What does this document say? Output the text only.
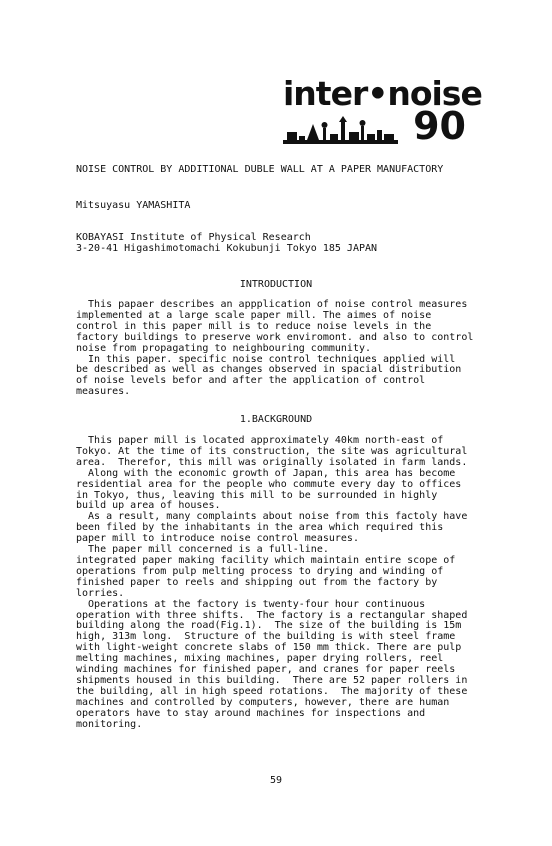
inter•noise
90
NOISE CONTROL BY ADDITIONAL DUBLE WALL AT A PAPER MANUFACTORY
Mitsuyasu YAMASHITA
KOBAYASI Institute of Physical Research
3-20-41 Higashimotomachi Kokubunji Tokyo 185 JAPAN
INTRODUCTION
This papaer describes an appplication of noise control measures
implemented at a large scale paper mill. The aimes of noise
control in this paper mill is to reduce noise levels in the
factory buildings to preserve work enviromont. and also to control
noise from propagating to neighbouring community.
In this paper. specific noise control techniques applied will
be described as well as changes observed in spacial distribution
of noise levels befor and after the application of control
measures.
1.BACKGROUND
This paper mill is located approximately 40km north-east of
Tokyo. At the time of its construction, the site was agricultural
area.  Therefor, this mill was originally isolated in farm lands.
Along with the economic growth of Japan, this area has become
residential area for the people who commute every day to offices
in Tokyo, thus, leaving this mill to be surrounded in highly
build up area of houses.
As a result, many complaints about noise from this factoly have
been filed by the inhabitants in the area which required this
paper mill to introduce noise control measures.
The paper mill concerned is a full-line.
integrated paper making facility which maintain entire scope of
operations from pulp melting process to drying and winding of
finished paper to reels and shipping out from the factory by
lorries.
Operations at the factory is twenty-four hour continuous
operation with three shifts.  The factory is a rectangular shaped
building along the road(Fig.1).  The size of the building is 15m
high, 313m long.  Structure of the building is with steel frame
with light-weight concrete slabs of 150 mm thick. There are pulp
melting machines, mixing machines, paper drying rollers, reel
winding machines for finished paper, and cranes for paper reels
shipments housed in this building.  There are 52 paper rollers in
the building, all in high speed rotations.  The majority of these
machines and controlled by computers, however, there are human
operators have to stay around machines for inspections and
monitoring.
59
